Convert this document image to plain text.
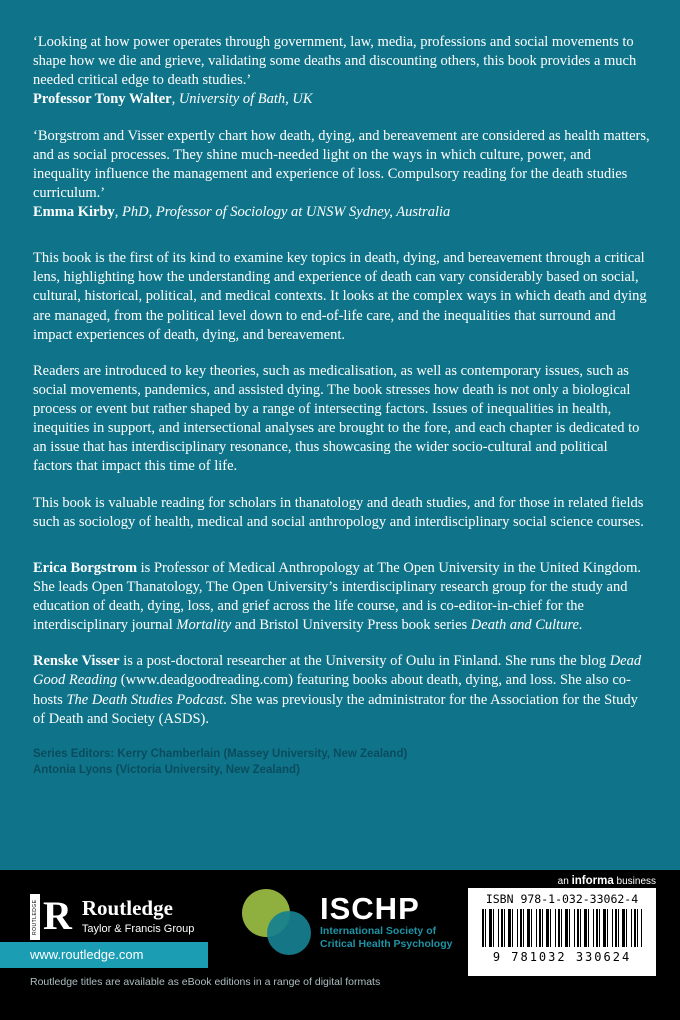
‘Looking at how power operates through government, law, media, professions and social movements to shape how we die and grieve, validating some deaths and discounting others, this book provides a much needed critical edge to death studies.’

Professor Tony Walter, University of Bath, UK

‘Borgstrom and Visser expertly chart how death, dying, and bereavement are considered as health matters, and as social processes. They shine much-needed light on the ways in which culture, power, and inequality influence the management and experience of loss. Compulsory reading for the death studies curriculum.’

Emma Kirby, PhD, Professor of Sociology at UNSW Sydney, Australia

This book is the first of its kind to examine key topics in death, dying, and bereavement through a critical lens, highlighting how the understanding and experience of death can vary considerably based on social, cultural, historical, political, and medical contexts. It looks at the complex ways in which death and dying are managed, from the political level down to end-of-life care, and the inequalities that surround and impact experiences of death, dying, and bereavement.

Readers are introduced to key theories, such as medicalisation, as well as contemporary issues, such as social movements, pandemics, and assisted dying. The book stresses how death is not only a biological process or event but rather shaped by a range of intersecting factors. Issues of inequalities in health, inequities in support, and intersectional analyses are brought to the fore, and each chapter is dedicated to an issue that has interdisciplinary resonance, thus showcasing the wider socio-cultural and political factors that impact this time of life.

This book is valuable reading for scholars in thanatology and death studies, and for those in related fields such as sociology of health, medical and social anthropology and interdisciplinary social science courses.

Erica Borgstrom is Professor of Medical Anthropology at The Open University in the United Kingdom. She leads Open Thanatology, The Open University’s interdisciplinary research group for the study and education of death, dying, loss, and grief across the life course, and is co-editor-in-chief for the interdisciplinary journal Mortality and Bristol University Press book series Death and Culture.

Renske Visser is a post-doctoral researcher at the University of Oulu in Finland. She runs the blog Dead Good Reading (www.deadgoodreading.com) featuring books about death, dying, and loss. She also co-hosts The Death Studies Podcast. She was previously the administrator for the Association for the Study of Death and Society (ASDS).

Series Editors: Kerry Chamberlain (Massey University, New Zealand)
Antonia Lyons (Victoria University, New Zealand)
an informa business
ROUTLEDGE R Routledge
Taylor & Francis Group
www.routledge.com
ISCHP
International Society of
Critical Health Psychology
ISBN 978-1-032-33062-4
9 781032 330624
Routledge titles are available as eBook editions in a range of digital formats
